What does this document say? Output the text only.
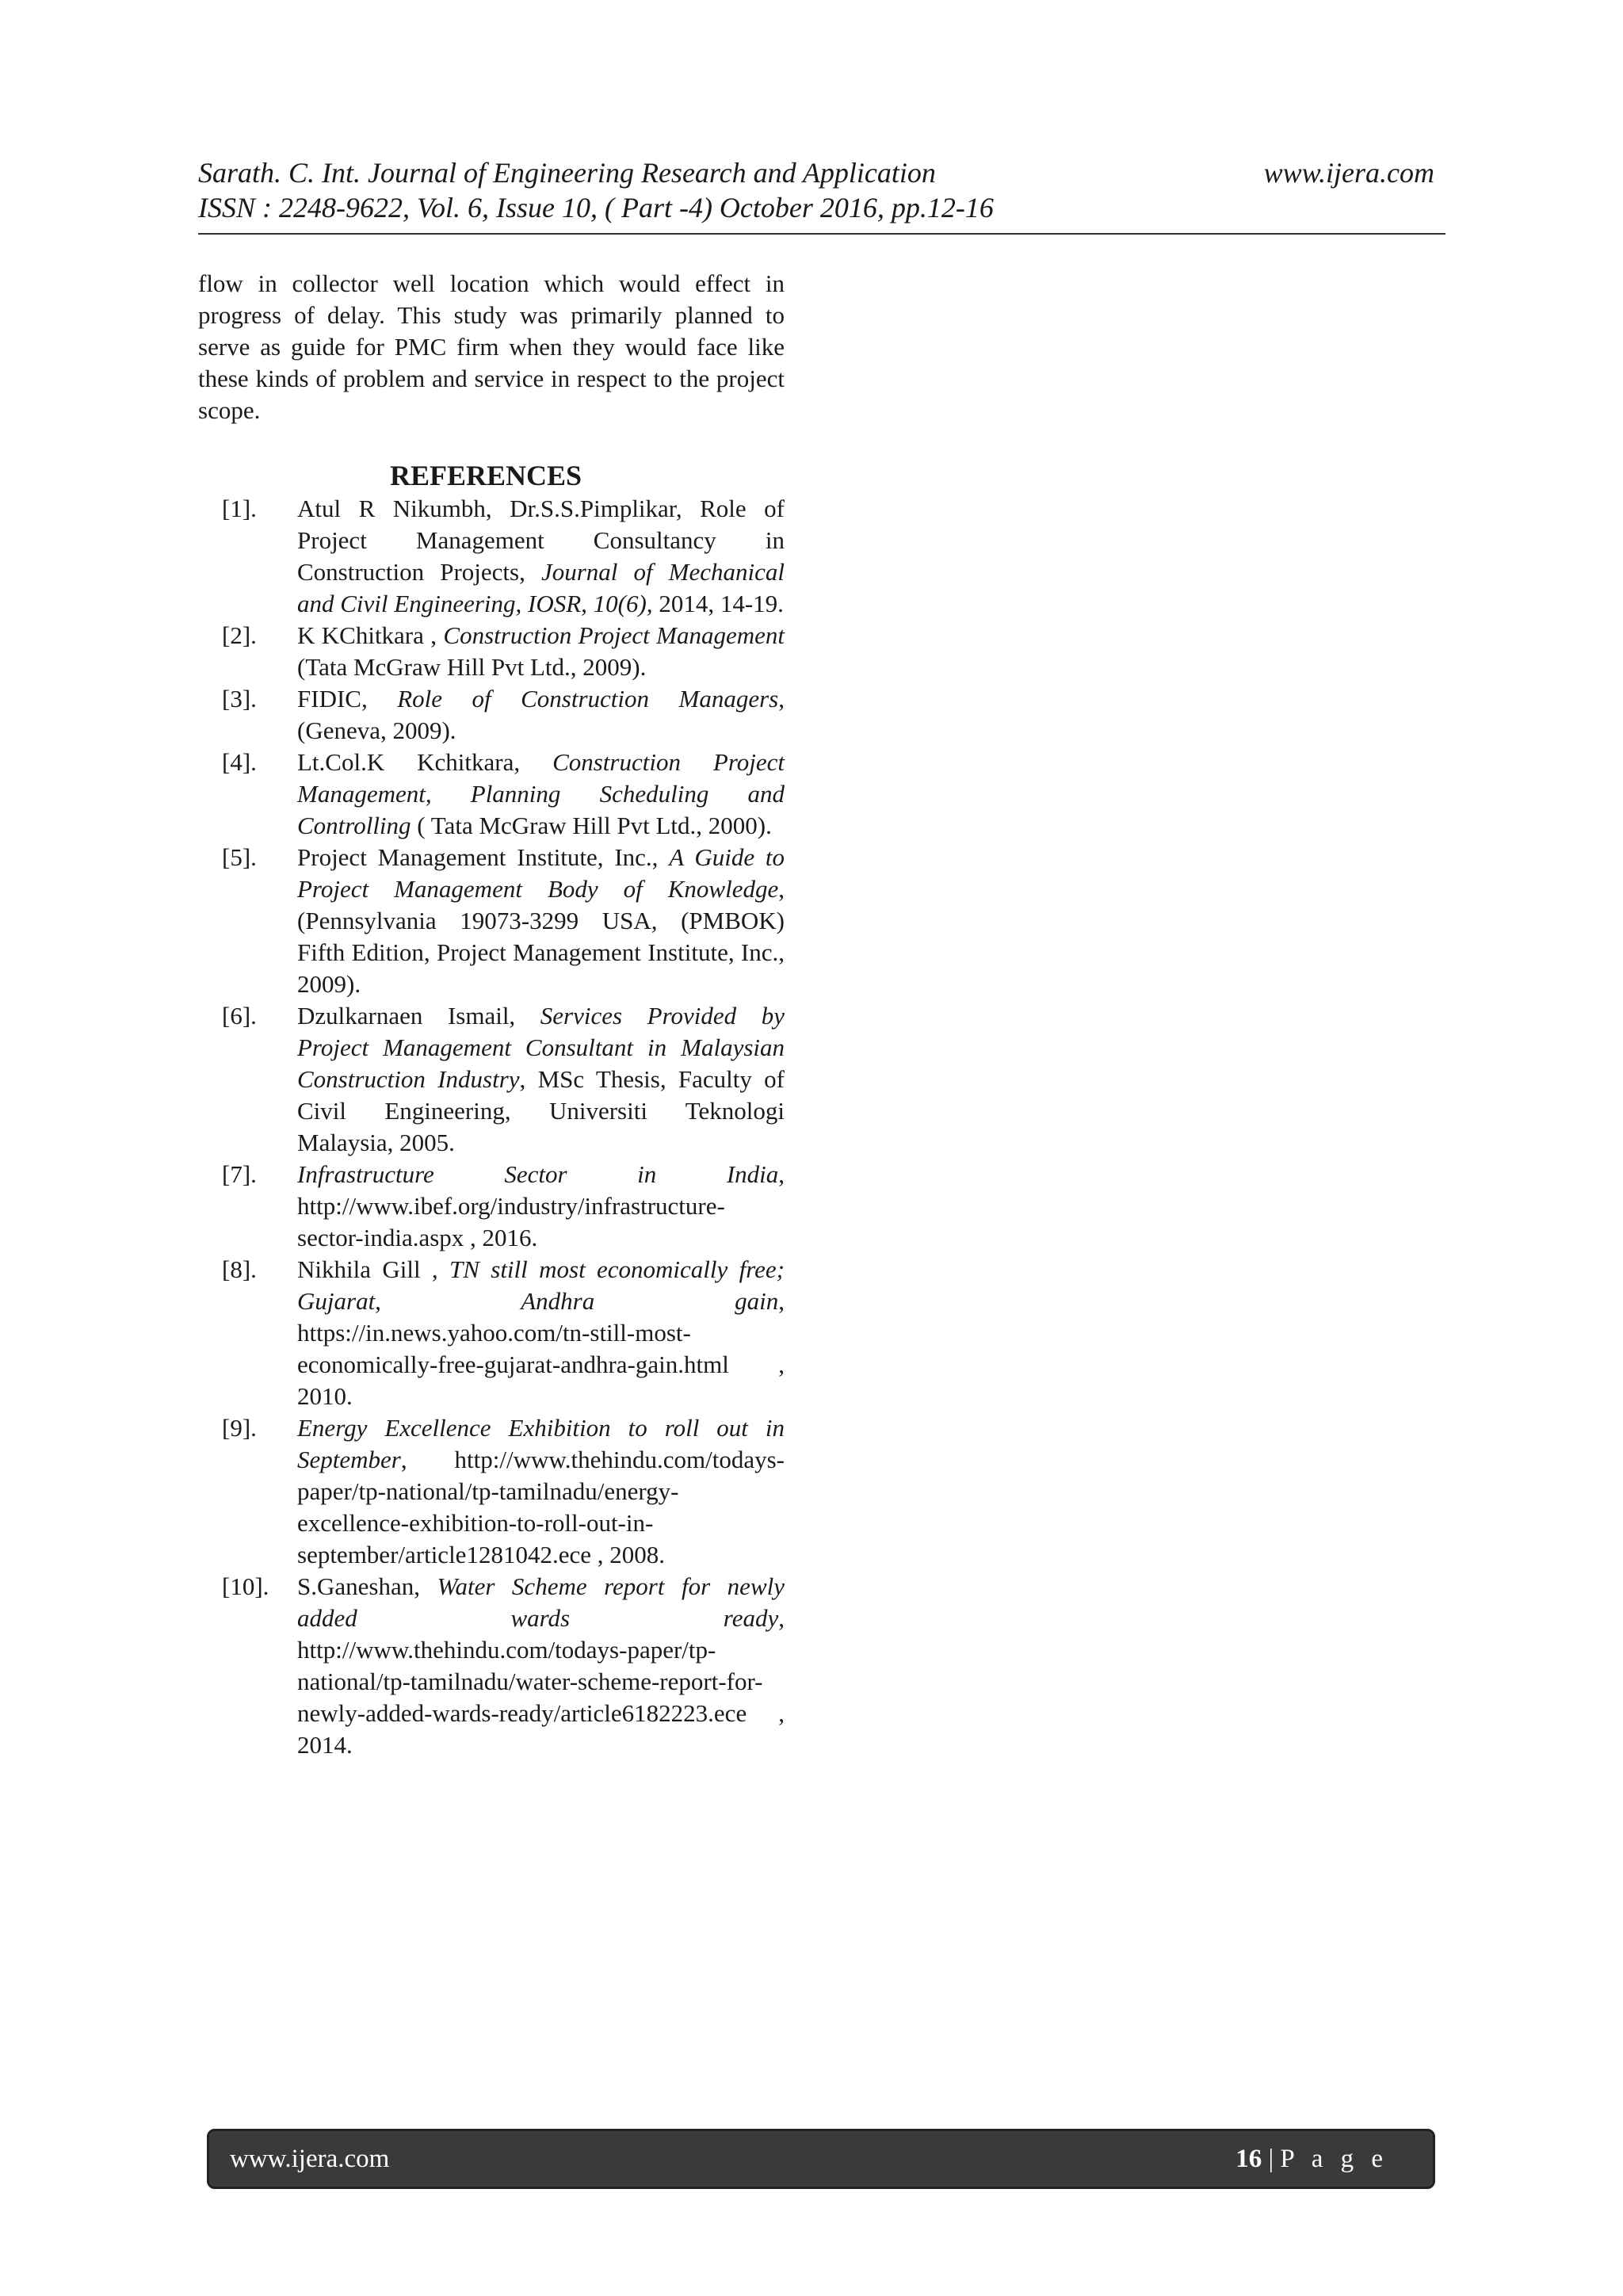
Sarath. C. Int. Journal of Engineering Research and Application	www.ijera.com
ISSN : 2248-9622, Vol. 6, Issue 10, ( Part -4) October 2016, pp.12-16

flow in collector well location which would effect in progress of delay. This study was primarily planned to serve as guide for PMC firm when they would face like these kinds of problem and service in respect to the project scope.

REFERENCES
[1].	Atul R Nikumbh, Dr.S.S.Pimplikar, Role of Project Management Consultancy in Construction Projects, Journal of Mechanical and Civil Engineering, IOSR, 10(6), 2014, 14-19.
[2].	K KChitkara , Construction Project Management (Tata McGraw Hill Pvt Ltd., 2009).
[3].	FIDIC, Role of Construction Managers, (Geneva, 2009).
[4].	Lt.Col.K Kchitkara, Construction Project Management, Planning Scheduling and Controlling ( Tata McGraw Hill Pvt Ltd., 2000).
[5].	Project Management Institute, Inc., A Guide to Project Management Body of Knowledge, (Pennsylvania 19073-3299 USA, (PMBOK) Fifth Edition, Project Management Institute, Inc., 2009).
[6].	Dzulkarnaen Ismail, Services Provided by Project Management Consultant in Malaysian Construction Industry, MSc Thesis, Faculty of Civil Engineering, Universiti Teknologi Malaysia, 2005.
[7].	Infrastructure Sector in India, http://www.ibef.org/industry/infrastructure-sector-india.aspx , 2016.
[8].	Nikhila Gill , TN still most economically free; Gujarat, Andhra gain, https://in.news.yahoo.com/tn-still-most-economically-free-gujarat-andhra-gain.html , 2010.
[9].	Energy Excellence Exhibition to roll out in September, http://www.thehindu.com/todays-paper/tp-national/tp-tamilnadu/energy-excellence-exhibition-to-roll-out-in-september/article1281042.ece , 2008.
[10].	S.Ganeshan, Water Scheme report for newly added wards ready, http://www.thehindu.com/todays-paper/tp-national/tp-tamilnadu/water-scheme-report-for-newly-added-wards-ready/article6182223.ece , 2014.
www.ijera.com	16 | P a g e
